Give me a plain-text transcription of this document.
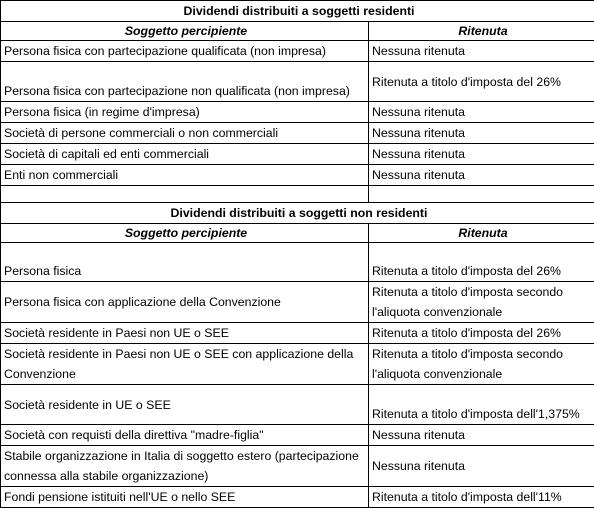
Dividendi distribuiti a soggetti residenti	
Soggetto percipiente	Ritenuta
Persona fisica con partecipazione qualificata (non impresa)	Nessuna ritenuta
Persona fisica con partecipazione non qualificata (non impresa)	Ritenuta a titolo d'imposta del 26%
Persona fisica (in regime d'impresa)	Nessuna ritenuta
Società di persone commerciali o non commerciali	Nessuna ritenuta
Società di capitali ed enti commerciali	Nessuna ritenuta
Enti non commerciali	Nessuna ritenuta

Dividendi distribuiti a soggetti non residenti	
Soggetto percipiente	Ritenuta
Persona fisica	Ritenuta a titolo d'imposta del 26%
Persona fisica con applicazione della Convenzione	Ritenuta a titolo d'imposta secondo l'aliquota convenzionale
Società residente in Paesi non UE o SEE	Ritenuta a titolo d'imposta del 26%
Società residente in Paesi non UE o SEE con applicazione della Convenzione	Ritenuta a titolo d'imposta secondo l'aliquota convenzionale
Società residente in UE o SEE	Ritenuta a titolo d'imposta dell'1,375%
Società con requisti della direttiva "madre-figlia"	Nessuna ritenuta
Stabile organizzazione in Italia di soggetto estero (partecipazione connessa alla stabile organizzazione)	Nessuna ritenuta
Fondi pensione istituiti nell'UE o nello SEE	Ritenuta a titolo d'imposta dell'11%
